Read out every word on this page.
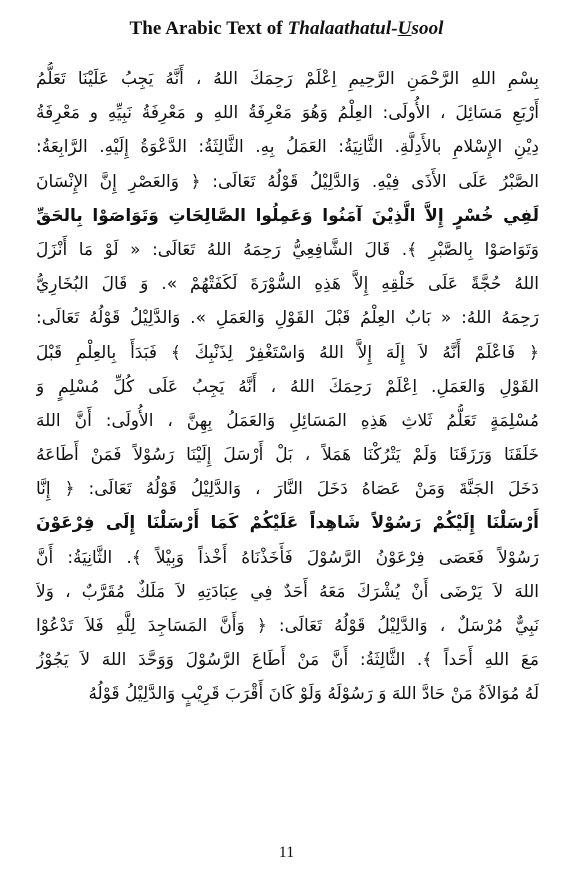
The Arabic Text of Thalaathatul-Usool
بِسْمِ اللهِ الرَّحْمَنِ الرَّحِيمِ اِعْلَمْ رَحِمَكَ اللهُ ، أَنَّهُ يَجِبُ عَلَيْنَا تَعَلُّمُ
أَرْبَعِ مَسَائِلَ ، الأُولَى: العِلْمُ وَهُوَ مَعْرِفَةُ اللهِ و مَعْرِفَةُ نَبِيِّهِ و مَعْرِفَةُ
دِيْنِ الإِسْلامِ بالأَدِلَّةِ. الثَّانِيَةُ: العَمَلُ بِهِ. الثَّالِثَةُ: الدَّعْوَةُ إِلَيْهِ. الرَّابِعَةُ:
الصَّبْرُ عَلَى الأَذَى فِيْهِ. وَالدَّلِيْلُ قَوْلُهُ تَعَالَى: ﴿ وَالعَصْرِ إِنَّ الإِنْسَانَ
لَفِي خُسْرٍ إِلاَّ الَّذِيْنَ آمَنُوا وَعَمِلُوا الصَّالِحَاتِ وَتَوَاصَوْا بِالحَقِّ
وَتَوَاصَوْا بِالصَّبْرِ ﴾. قَالَ الشَّافِعِيُّ رَحِمَهُ اللهُ تَعَالَى: « لَوْ مَا أَنْزَلَ
اللهُ حُجَّةً عَلَى خَلْقِهِ إِلاَّ هَذِهِ السُّوْرَةَ لَكَفَتْهُمْ ». وَ قَالَ البُخَارِيُّ
رَحِمَهُ اللهُ: « بَابٌ العِلْمُ قَبْلَ القَوْلِ وَالعَمَلِ ». وَالدَّلِيْلُ قَوْلُهُ تَعَالَى:
﴿ فَاعْلَمْ أَنَّهُ لاَ إِلَهَ إِلاَّ اللهُ وَاسْتَغْفِرْ لِذَنْبِكَ ﴾ فَبَدَأَ بِالعِلْمِ قَبْلَ
القَوْلِ وَالعَمَلِ. اِعْلَمْ رَحِمَكَ اللهُ ، أَنَّهُ يَجِبُ عَلَى كُلِّ مُسْلِمٍ وَ
مُسْلِمَةٍ تَعَلُّمُ ثَلاثِ هَذِهِ المَسَائِلِ وَالعَمَلُ بِهِنَّ ، الأُولَى: أَنَّ اللهَ
خَلَقَنَا وَرَزَقَنَا وَلَمْ يَتْرُكْنَا هَمَلاً ، بَلْ أَرْسَلَ إِلَيْنَا رَسُوْلاً فَمَنْ أَطَاعَهُ
دَخَلَ الجَنَّةَ وَمَنْ عَصَاهُ دَخَلَ النَّارَ ، وَالدَّلِيْلُ قَوْلُهُ تَعَالَى: ﴿ إِنَّا
أَرْسَلْنَا إِلَيْكُمْ رَسُوْلاً شَاهِداً عَلَيْكُمْ كَمَا أَرْسَلْنَا إِلَى فِرْعَوْنَ
رَسُوْلاً فَعَصَى فِرْعَوْنُ الرَّسُوْلَ فَأَخَذْنَاهُ أَخْذاً وَبِيْلاً ﴾. الثَّانِيَةُ: أَنَّ
اللهَ لاَ يَرْضَى أَنْ يُشْرَكَ مَعَهُ أَحَدٌ فِي عِبَادَتِهِ لاَ مَلَكٌ مُقَرَّبٌ ، وَلاَ
نَبِيٌّ مُرْسَلٌ ، وَالدَّلِيْلُ قَوْلُهُ تَعَالَى: ﴿ وَأَنَّ المَسَاجِدَ لِلَّهِ فَلاَ تَدْعُوْا
مَعَ اللهِ أَحَداً ﴾. الثَّالِثَةُ: أَنَّ مَنْ أَطَاعَ الرَّسُوْلَ وَوَحَّدَ اللهَ لاَ يَجُوْزُ
لَهُ مُوَالاَةُ مَنْ حَادَّ اللهَ وَ رَسُوْلَهُ وَلَوْ كَانَ أَقْرَبَ قَرِيْبٍ وَالدَّلِيْلُ قَوْلُهُ
11
